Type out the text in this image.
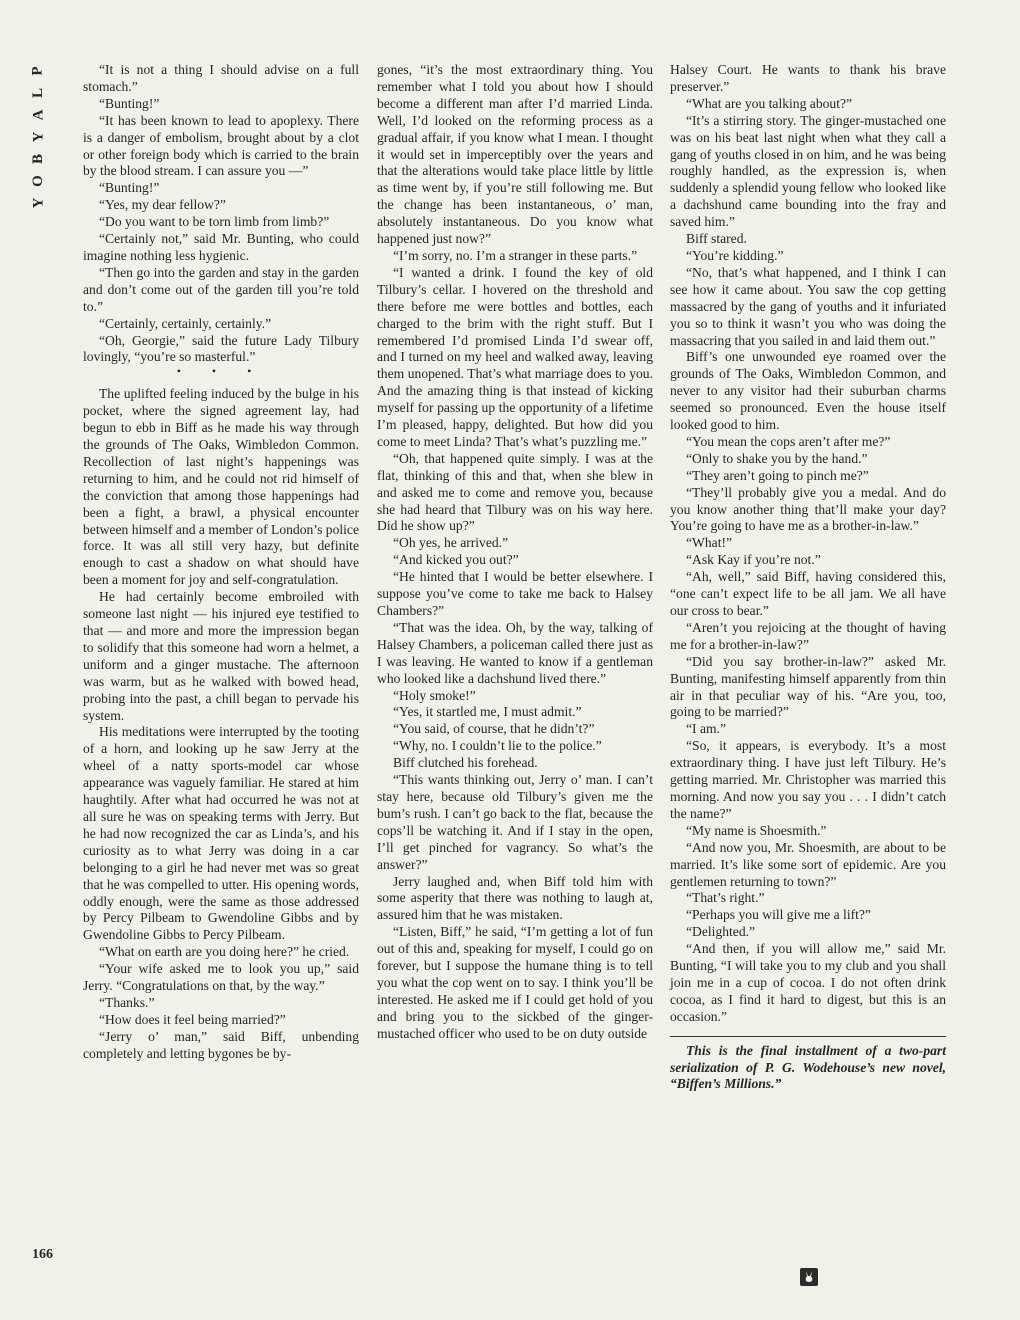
P
L
A
Y
B
O
Y

“It is not a thing I should advise on a full stomach.”

“Bunting!”

“It has been known to lead to apoplexy. There is a danger of embolism, brought about by a clot or other foreign body which is carried to the brain by the blood stream. I can assure you —”

“Bunting!”

“Yes, my dear fellow?”

“Do you want to be torn limb from limb?”

“Certainly not,” said Mr. Bunting, who could imagine nothing less hygienic.

“Then go into the garden and stay in the garden and don’t come out of the garden till you’re told to.”

“Certainly, certainly, certainly.”

“Oh, Georgie,” said the future Lady Tilbury lovingly, “you’re so masterful.”

• • •

The uplifted feeling induced by the bulge in his pocket, where the signed agreement lay, had begun to ebb in Biff as he made his way through the grounds of The Oaks, Wimbledon Common. Recollection of last night’s happenings was returning to him, and he could not rid himself of the conviction that among those happenings had been a fight, a brawl, a physical encounter between himself and a member of London’s police force. It was all still very hazy, but definite enough to cast a shadow on what should have been a moment for joy and self-congratulation.

He had certainly become embroiled with someone last night — his injured eye testified to that — and more and more the impression began to solidify that this someone had worn a helmet, a uniform and a ginger mustache. The afternoon was warm, but as he walked with bowed head, probing into the past, a chill began to pervade his system.

His meditations were interrupted by the tooting of a horn, and looking up he saw Jerry at the wheel of a natty sports-model car whose appearance was vaguely familiar. He stared at him haughtily. After what had occurred he was not at all sure he was on speaking terms with Jerry. But he had now recognized the car as Linda’s, and his curiosity as to what Jerry was doing in a car belonging to a girl he had never met was so great that he was compelled to utter. His opening words, oddly enough, were the same as those addressed by Percy Pilbeam to Gwendoline Gibbs and by Gwendoline Gibbs to Percy Pilbeam.

“What on earth are you doing here?” he cried.

“Your wife asked me to look you up,” said Jerry. “Congratulations on that, by the way.”

“Thanks.”

“How does it feel being married?”

“Jerry o’ man,” said Biff, unbending completely and letting bygones be by-

gones, “it’s the most extraordinary thing. You remember what I told you about how I should become a different man after I’d married Linda. Well, I’d looked on the reforming process as a gradual affair, if you know what I mean. I thought it would set in imperceptibly over the years and that the alterations would take place little by little as time went by, if you’re still following me. But the change has been instantaneous, o’ man, absolutely instantaneous. Do you know what happened just now?”

“I’m sorry, no. I’m a stranger in these parts.”

“I wanted a drink. I found the key of old Tilbury’s cellar. I hovered on the threshold and there before me were bottles and bottles, each charged to the brim with the right stuff. But I remembered I’d promised Linda I’d swear off, and I turned on my heel and walked away, leaving them unopened. That’s what marriage does to you. And the amazing thing is that instead of kicking myself for passing up the opportunity of a lifetime I’m pleased, happy, delighted. But how did you come to meet Linda? That’s what’s puzzling me.”

“Oh, that happened quite simply. I was at the flat, thinking of this and that, when she blew in and asked me to come and remove you, because she had heard that Tilbury was on his way here. Did he show up?”

“Oh yes, he arrived.”

“And kicked you out?”

“He hinted that I would be better elsewhere. I suppose you’ve come to take me back to Halsey Chambers?”

“That was the idea. Oh, by the way, talking of Halsey Chambers, a policeman called there just as I was leaving. He wanted to know if a gentleman who looked like a dachshund lived there.”

“Holy smoke!”

“Yes, it startled me, I must admit.”

“You said, of course, that he didn’t?”

“Why, no. I couldn’t lie to the police.”

Biff clutched his forehead.

“This wants thinking out, Jerry o’ man. I can’t stay here, because old Tilbury’s given me the bum’s rush. I can’t go back to the flat, because the cops’ll be watching it. And if I stay in the open, I’ll get pinched for vagrancy. So what’s the answer?”

Jerry laughed and, when Biff told him with some asperity that there was nothing to laugh at, assured him that he was mistaken.

“Listen, Biff,” he said, “I’m getting a lot of fun out of this and, speaking for myself, I could go on forever, but I suppose the humane thing is to tell you what the cop went on to say. I think you’ll be interested. He asked me if I could get hold of you and bring you to the sickbed of the ginger-mustached officer who used to be on duty outside

Halsey Court. He wants to thank his brave preserver.”

“What are you talking about?”

“It’s a stirring story. The ginger-mustached one was on his beat last night when what they call a gang of youths closed in on him, and he was being roughly handled, as the expression is, when suddenly a splendid young fellow who looked like a dachshund came bounding into the fray and saved him.”

Biff stared.

“You’re kidding.”

“No, that’s what happened, and I think I can see how it came about. You saw the cop getting massacred by the gang of youths and it infuriated you so to think it wasn’t you who was doing the massacring that you sailed in and laid them out.”

Biff’s one unwounded eye roamed over the grounds of The Oaks, Wimbledon Common, and never to any visitor had their suburban charms seemed so pronounced. Even the house itself looked good to him.

“You mean the cops aren’t after me?”

“Only to shake you by the hand.”

“They aren’t going to pinch me?”

“They’ll probably give you a medal. And do you know another thing that’ll make your day? You’re going to have me as a brother-in-law.”

“What!”

“Ask Kay if you’re not.”

“Ah, well,” said Biff, having considered this, “one can’t expect life to be all jam. We all have our cross to bear.”

“Aren’t you rejoicing at the thought of having me for a brother-in-law?”

“Did you say brother-in-law?” asked Mr. Bunting, manifesting himself apparently from thin air in that peculiar way of his. “Are you, too, going to be married?”

“I am.”

“So, it appears, is everybody. It’s a most extraordinary thing. I have just left Tilbury. He’s getting married. Mr. Christopher was married this morning. And now you say you . . . I didn’t catch the name?”

“My name is Shoesmith.”

“And now you, Mr. Shoesmith, are about to be married. It’s like some sort of epidemic. Are you gentlemen returning to town?”

“That’s right.”

“Perhaps you will give me a lift?”

“Delighted.”

“And then, if you will allow me,” said Mr. Bunting, “I will take you to my club and you shall join me in a cup of cocoa. I do not often drink cocoa, as I find it hard to digest, but this is an occasion.”

This is the final installment of a two-part serialization of P. G. Wodehouse’s new novel, “Biffen’s Millions.”

166
